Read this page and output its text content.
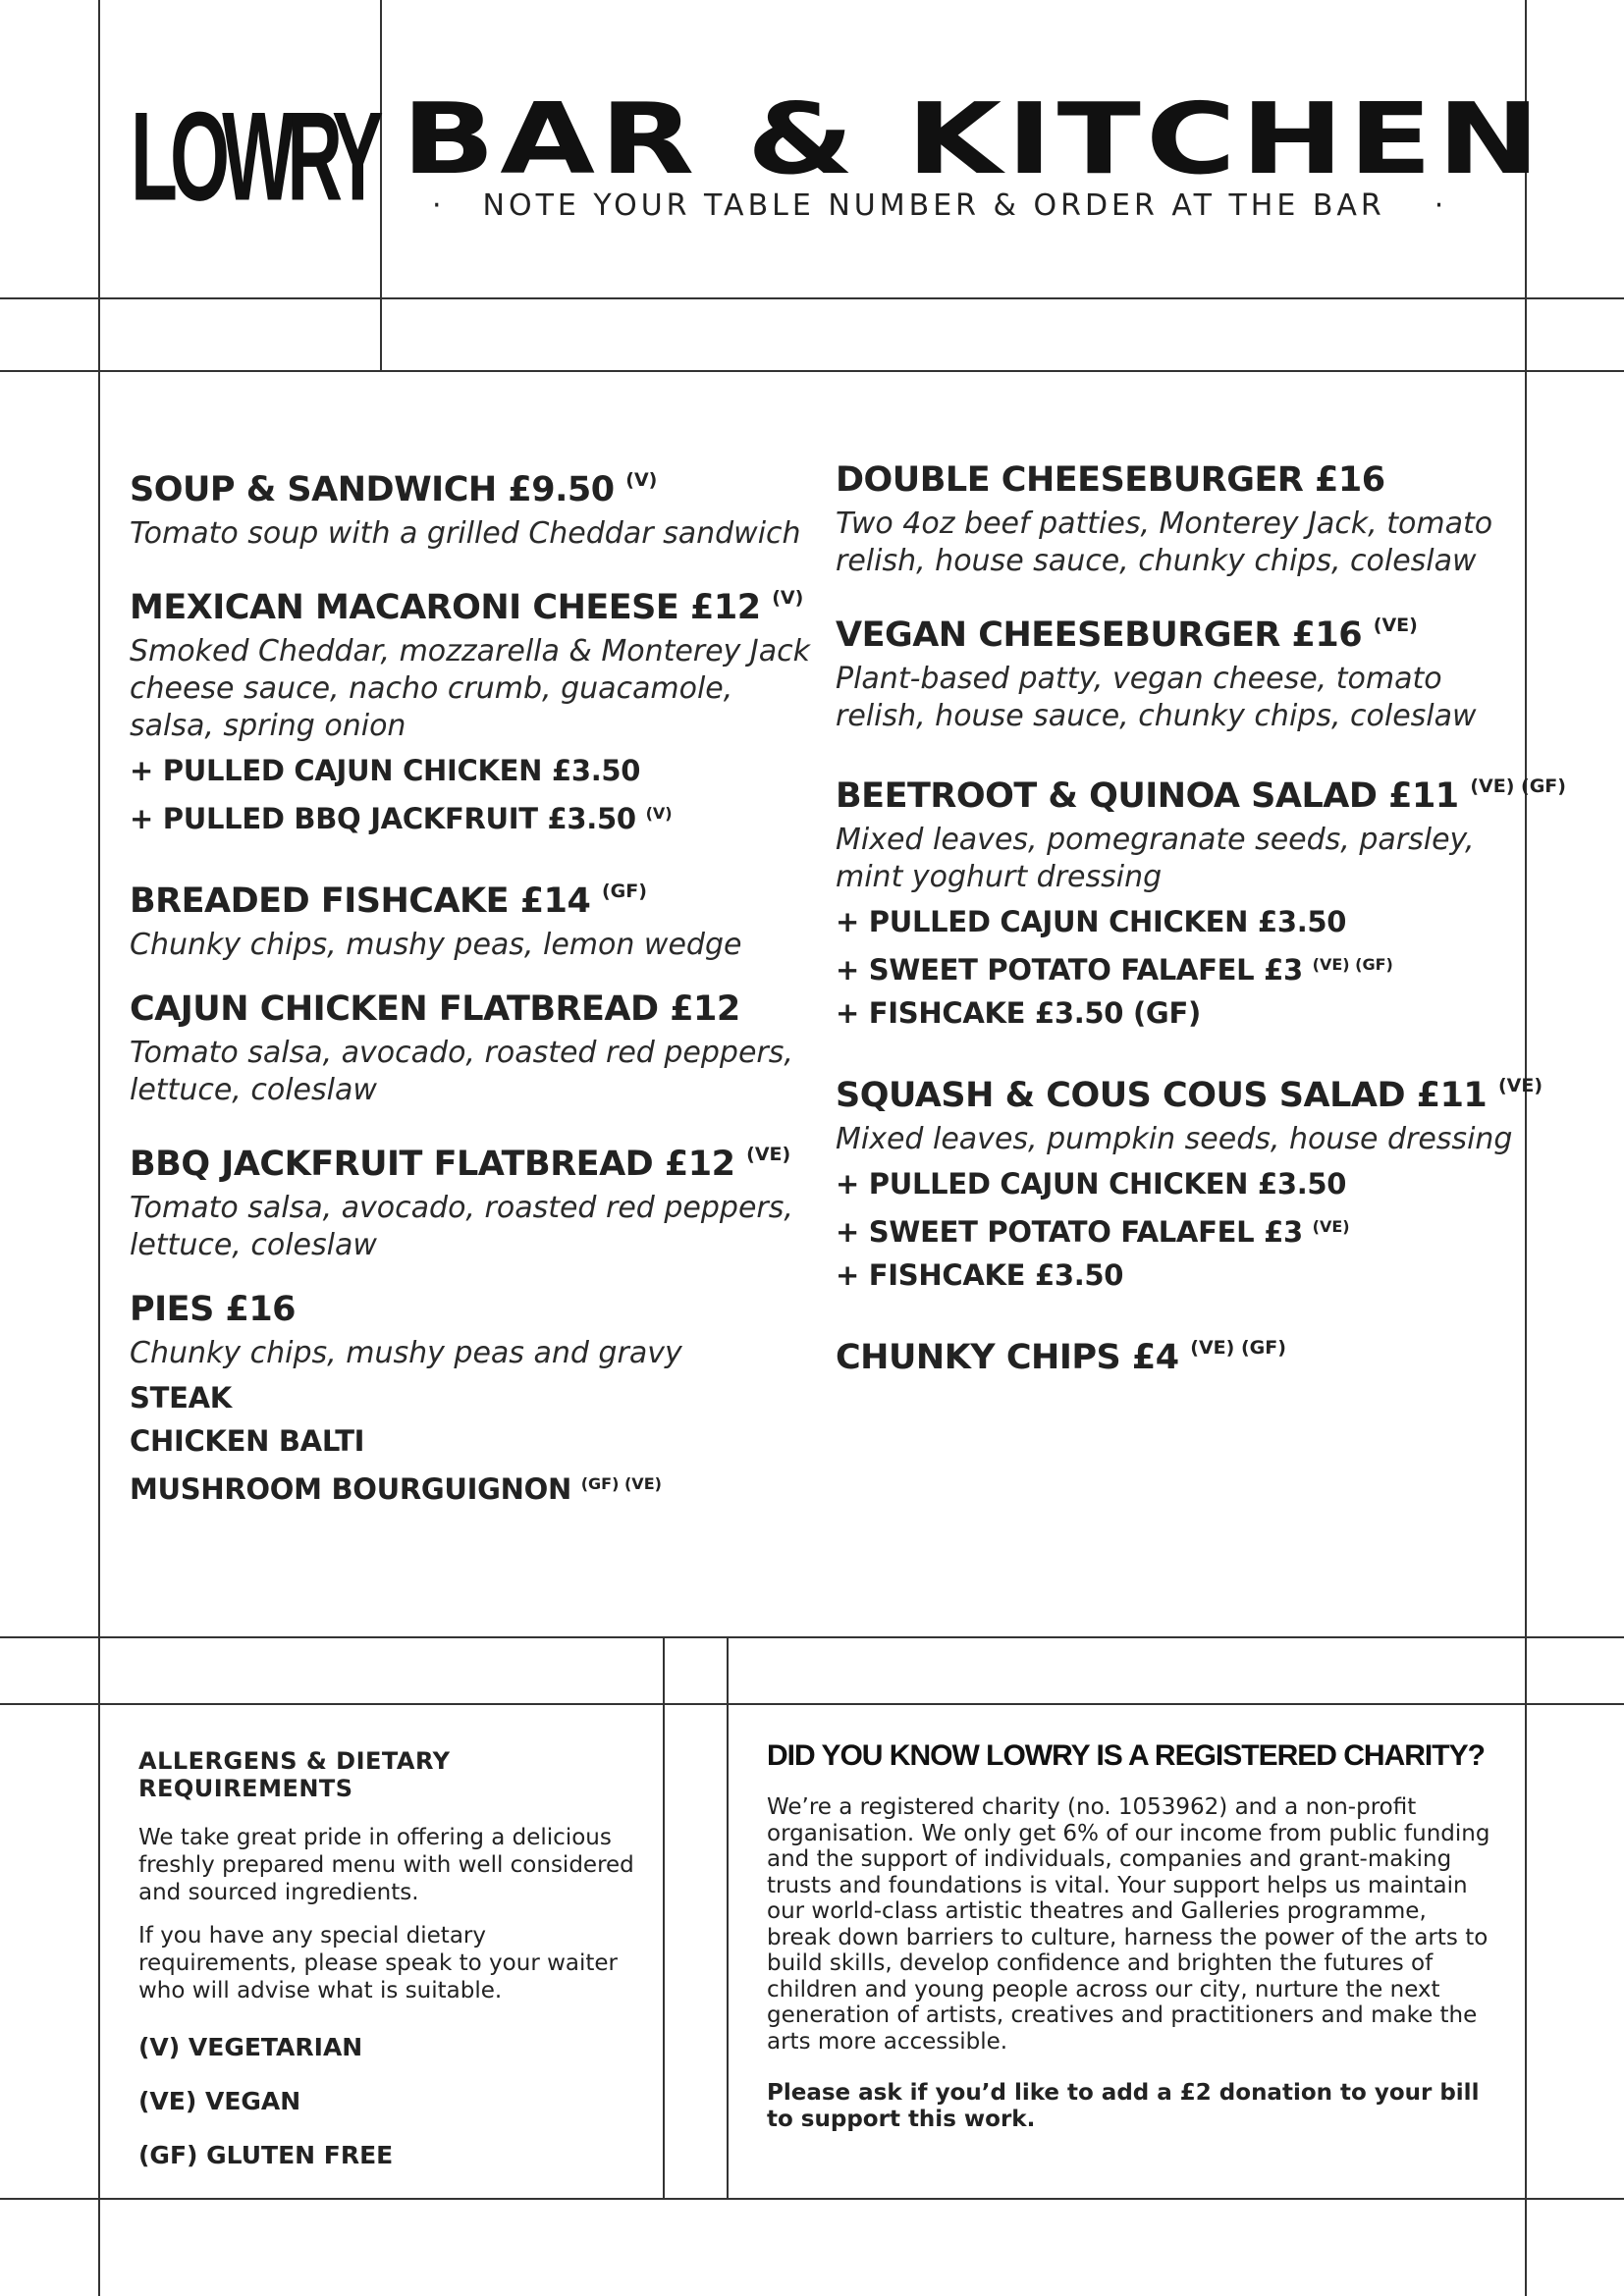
LOWRY BAR & KITCHEN
· NOTE YOUR TABLE NUMBER & ORDER AT THE BAR ·
SOUP & SANDWICH £9.50 $^{(V)}$
Tomato soup with a grilled Cheddar sandwich
MEXICAN MACARONI CHEESE £12 $^{(V)}$
Smoked Cheddar, mozzarella & Monterey Jack cheese sauce, nacho crumb, guacamole, salsa, spring onion
+ PULLED CAJUN CHICKEN £3.50
+ PULLED BBQ JACKFRUIT £3.50 $^{(V)}$
BREADED FISHCAKE £14 $^{(GF)}$
Chunky chips, mushy peas, lemon wedge
CAJUN CHICKEN FLATBREAD £12
Tomato salsa, avocado, roasted red peppers, lettuce, coleslaw
BBQ JACKFRUIT FLATBREAD £12 $^{(VE)}$
Tomato salsa, avocado, roasted red peppers, lettuce, coleslaw
PIES £16
Chunky chips, mushy peas and gravy
STEAK
CHICKEN BALTI
MUSHROOM BOURGUIGNON $^{(GF) (VE)}$
DOUBLE CHEESEBURGER £16
Two 4oz beef patties, Monterey Jack, tomato relish, house sauce, chunky chips, coleslaw
VEGAN CHEESEBURGER £16 $^{(VE)}$
Plant-based patty, vegan cheese, tomato relish, house sauce, chunky chips, coleslaw
BEETROOT & QUINOA SALAD £11 $^{(VE) (GF)}$
Mixed leaves, pomegranate seeds, parsley, mint yoghurt dressing
+ PULLED CAJUN CHICKEN £3.50
+ SWEET POTATO FALAFEL £3 $^{(VE) (GF)}$
+ FISHCAKE £3.50 (GF)
SQUASH & COUS COUS SALAD £11 $^{(VE)}$
Mixed leaves, pumpkin seeds, house dressing
+ PULLED CAJUN CHICKEN £3.50
+ SWEET POTATO FALAFEL £3 $^{(VE)}$
+ FISHCAKE £3.50
CHUNKY CHIPS £4 $^{(VE) (GF)}$
ALLERGENS & DIETARY REQUIREMENTS

We take great pride in offering a delicious freshly prepared menu with well considered and sourced ingredients.

If you have any special dietary requirements, please speak to your waiter who will advise what is suitable.

(V) VEGETARIAN
(VE) VEGAN
(GF) GLUTEN FREE
DID YOU KNOW LOWRY IS A REGISTERED CHARITY?

We’re a registered charity (no. 1053962) and a non-profit organisation. We only get 6% of our income from public funding and the support of individuals, companies and grant-making trusts and foundations is vital. Your support helps us maintain our world-class artistic theatres and Galleries programme, break down barriers to culture, harness the power of the arts to build skills, develop confidence and brighten the futures of children and young people across our city, nurture the next generation of artists, creatives and practitioners and make the arts more accessible.

Please ask if you’d like to add a £2 donation to your bill to support this work.
